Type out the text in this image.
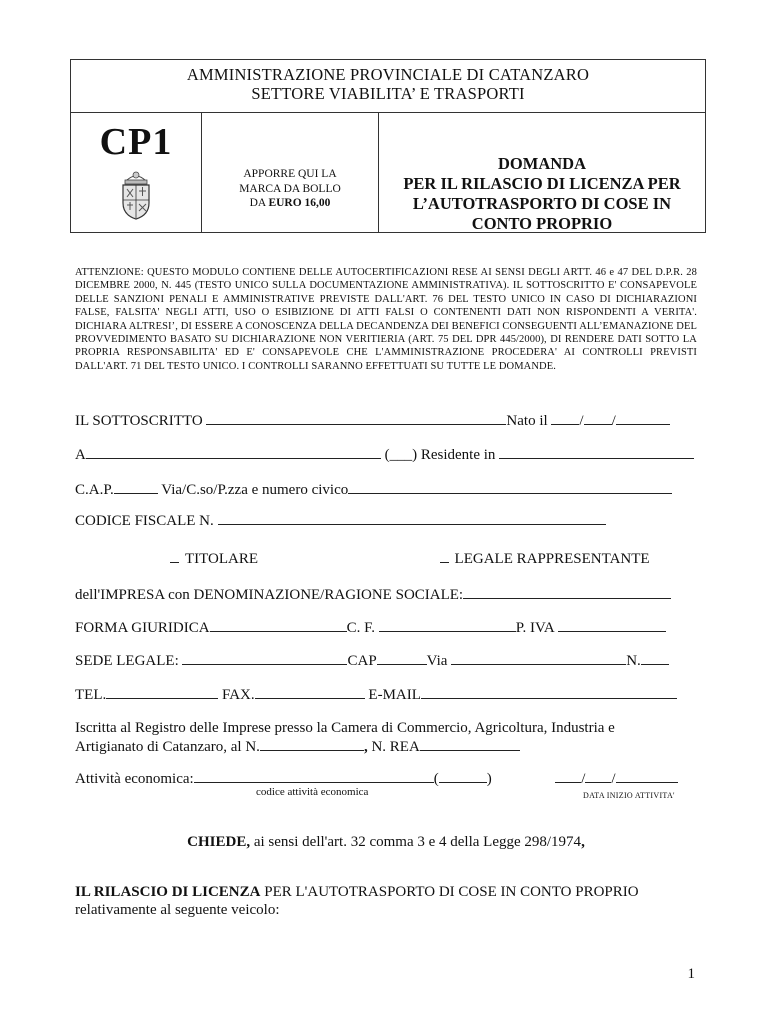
AMMINISTRAZIONE PROVINCIALE DI CATANZARO
SETTORE VIABILITA’ E TRASPORTI
CP1
APPORRE QUI LA
MARCA DA BOLLO
DA EURO 16,00
DOMANDA
PER IL RILASCIO DI LICENZA PER
L’AUTOTRASPORTO DI COSE IN
CONTO PROPRIO
ATTENZIONE: QUESTO MODULO CONTIENE DELLE AUTOCERTIFICAZIONI RESE AI SENSI DEGLI ARTT. 46 e 47 DEL D.P.R. 28 DICEMBRE 2000, N. 445 (TESTO UNICO SULLA DOCUMENTAZIONE AMMINISTRATIVA). IL SOTTOSCRITTO E' CONSAPEVOLE DELLE SANZIONI PENALI E AMMINISTRATIVE PREVISTE DALL'ART. 76 DEL TESTO UNICO IN CASO DI DICHIARAZIONI FALSE, FALSITA' NEGLI ATTI, USO O ESIBIZIONE DI ATTI FALSI O CONTENENTI DATI NON RISPONDENTI A VERITA'. DICHIARA ALTRESI’, DI ESSERE A CONOSCENZA DELLA DECANDENZA DEI BENEFICI CONSEGUENTI ALL’EMANAZIONE DEL PROVVEDIMENTO BASATO SU DICHIARAZIONE NON VERITIERIA (ART. 75 DEL DPR 445/2000), DI RENDERE DATI SOTTO LA PROPRIA RESPONSABILITA' ED E' CONSAPEVOLE CHE L'AMMINISTRAZIONE PROCEDERA' AI CONTROLLI PREVISTI DALL'ART. 71 DEL TESTO UNICO. I CONTROLLI SARANNO EFFETTUATI SU TUTTE LE DOMANDE.
IL SOTTOSCRITTO	Nato il / /
A	(___) Residente in
C.A.P.	Via/C.so/P.zza e numero civico
CODICE FISCALE N.
TITOLARE	LEGALE RAPPRESENTANTE
dell'IMPRESA con DENOMINAZIONE/RAGIONE SOCIALE:
FORMA GIURIDICA	C. F.	P. IVA
SEDE LEGALE:	CAP	Via	N.
TEL.	FAX.	E-MAIL
Iscritta al Registro delle Imprese presso la Camera di Commercio, Agricoltura, Industria e
Artigianato di Catanzaro, al N.	, N. REA
Attività economica:	(	)	/ /
codice attività economica	DATA INIZIO ATTIVITA'
CHIEDE, ai sensi dell'art. 32 comma 3 e 4 della Legge 298/1974,
IL RILASCIO DI LICENZA PER L'AUTOTRASPORTO DI COSE IN CONTO PROPRIO
relativamente al seguente veicolo:
1
